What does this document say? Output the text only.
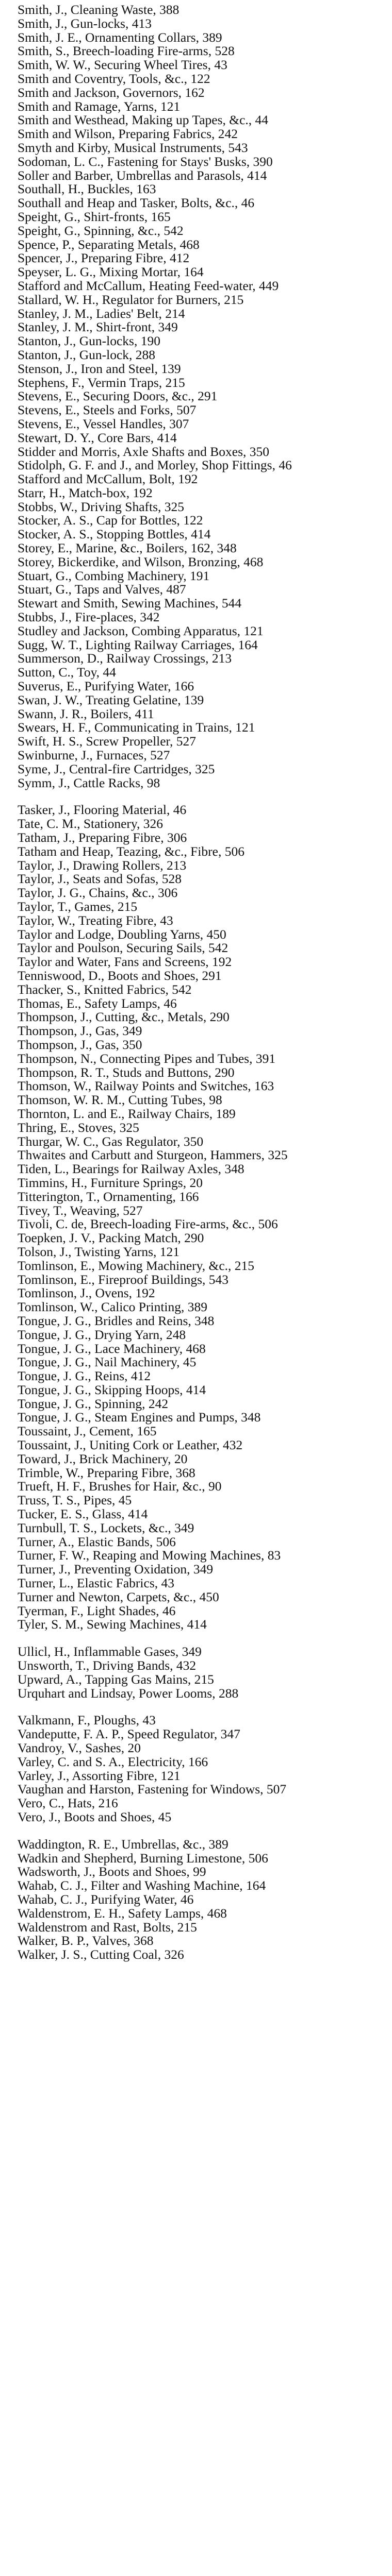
Smith, J., Cleaning Waste, 388

Smith, J., Gun-locks, 413

Smith, J. E., Ornamenting Collars, 389

Smith, S., Breech-loading Fire-arms, 528

Smith, W. W., Securing Wheel Tires, 43

Smith and Coventry, Tools, &c., 122

Smith and Jackson, Governors, 162

Smith and Ramage, Yarns, 121

Smith and Westhead, Making up Tapes, &c., 44

Smith and Wilson, Preparing Fabrics, 242

Smyth and Kirby, Musical Instruments, 543

Sodoman, L. C., Fastening for Stays' Busks, 390

Soller and Barber, Umbrellas and Parasols, 414

Southall, H., Buckles, 163

Southall and Heap and Tasker, Bolts, &c., 46

Speight, G., Shirt-fronts, 165

Speight, G., Spinning, &c., 542

Spence, P., Separating Metals, 468

Spencer, J., Preparing Fibre, 412

Speyser, L. G., Mixing Mortar, 164

Stafford and McCallum, Heating Feed-water, 449

Stallard, W. H., Regulator for Burners, 215

Stanley, J. M., Ladies' Belt, 214

Stanley, J. M., Shirt-front, 349

Stanton, J., Gun-locks, 190

Stanton, J., Gun-lock, 288

Stenson, J., Iron and Steel, 139

Stephens, F., Vermin Traps, 215

Stevens, E., Securing Doors, &c., 291

Stevens, E., Steels and Forks, 507

Stevens, E., Vessel Handles, 307

Stewart, D. Y., Core Bars, 414

Stidder and Morris, Axle Shafts and Boxes, 350

Stidolph, G. F. and J., and Morley, Shop Fittings, 46

Stafford and McCallum, Bolt, 192

Starr, H., Match-box, 192

Stobbs, W., Driving Shafts, 325

Stocker, A. S., Cap for Bottles, 122

Stocker, A. S., Stopping Bottles, 414

Storey, E., Marine, &c., Boilers, 162, 348

Storey, Bickerdike, and Wilson, Bronzing, 468

Stuart, G., Combing Machinery, 191

Stuart, G., Taps and Valves, 487

Stewart and Smith, Sewing Machines, 544

Stubbs, J., Fire-places, 342

Studley and Jackson, Combing Apparatus, 121

Sugg, W. T., Lighting Railway Carriages, 164

Summerson, D., Railway Crossings, 213

Sutton, C., Toy, 44

Suverus, E., Purifying Water, 166

Swan, J. W., Treating Gelatine, 139

Swann, J. R., Boilers, 411

Swears, H. F., Communicating in Trains, 121

Swift, H. S., Screw Propeller, 527

Swinburne, J., Furnaces, 527

Syme, J., Central-fire Cartridges, 325

Symm, J., Cattle Racks, 98

Tasker, J., Flooring Material, 46

Tate, C. M., Stationery, 326

Tatham, J., Preparing Fibre, 306

Tatham and Heap, Teazing, &c., Fibre, 506

Taylor, J., Drawing Rollers, 213

Taylor, J., Seats and Sofas, 528

Taylor, J. G., Chains, &c., 306

Taylor, T., Games, 215

Taylor, W., Treating Fibre, 43

Taylor and Lodge, Doubling Yarns, 450

Taylor and Poulson, Securing Sails, 542

Taylor and Water, Fans and Screens, 192

Tenniswood, D., Boots and Shoes, 291

Thacker, S., Knitted Fabrics, 542

Thomas, E., Safety Lamps, 46

Thompson, J., Cutting, &c., Metals, 290

Thompson, J., Gas, 349

Thompson, J., Gas, 350

Thompson, N., Connecting Pipes and Tubes, 391

Thompson, R. T., Studs and Buttons, 290

Thomson, W., Railway Points and Switches, 163

Thomson, W. R. M., Cutting Tubes, 98

Thornton, L. and E., Railway Chairs, 189

Thring, E., Stoves, 325

Thurgar, W. C., Gas Regulator, 350

Thwaites and Carbutt and Sturgeon, Hammers, 325

Tiden, L., Bearings for Railway Axles, 348

Timmins, H., Furniture Springs, 20

Titterington, T., Ornamenting, 166

Tivey, T., Weaving, 527

Tivoli, C. de, Breech-loading Fire-arms, &c., 506

Toepken, J. V., Packing Match, 290

Tolson, J., Twisting Yarns, 121

Tomlinson, E., Mowing Machinery, &c., 215

Tomlinson, E., Fireproof Buildings, 543

Tomlinson, J., Ovens, 192

Tomlinson, W., Calico Printing, 389

Tongue, J. G., Bridles and Reins, 348

Tongue, J. G., Drying Yarn, 248

Tongue, J. G., Lace Machinery, 468

Tongue, J. G., Nail Machinery, 45

Tongue, J. G., Reins, 412

Tongue, J. G., Skipping Hoops, 414

Tongue, J. G., Spinning, 242

Tongue, J. G., Steam Engines and Pumps, 348

Toussaint, J., Cement, 165

Toussaint, J., Uniting Cork or Leather, 432

Toward, J., Brick Machinery, 20

Trimble, W., Preparing Fibre, 368

Trueft, H. F., Brushes for Hair, &c., 90

Truss, T. S., Pipes, 45

Tucker, E. S., Glass, 414

Turnbull, T. S., Lockets, &c., 349

Turner, A., Elastic Bands, 506

Turner, F. W., Reaping and Mowing Machines, 83

Turner, J., Preventing Oxidation, 349

Turner, L., Elastic Fabrics, 43

Turner and Newton, Carpets, &c., 450

Tyerman, F., Light Shades, 46

Tyler, S. M., Sewing Machines, 414

Ullicl, H., Inflammable Gases, 349

Unsworth, T., Driving Bands, 432

Upward, A., Tapping Gas Mains, 215

Urquhart and Lindsay, Power Looms, 288

Valkmann, F., Ploughs, 43

Vandeputte, F. A. P., Speed Regulator, 347

Vandroy, V., Sashes, 20

Varley, C. and S. A., Electricity, 166

Varley, J., Assorting Fibre, 121

Vaughan and Harston, Fastening for Windows, 507

Vero, C., Hats, 216

Vero, J., Boots and Shoes, 45

Waddington, R. E., Umbrellas, &c., 389

Wadkin and Shepherd, Burning Limestone, 506

Wadsworth, J., Boots and Shoes, 99

Wahab, C. J., Filter and Washing Machine, 164

Wahab, C. J., Purifying Water, 46

Waldenstrom, E. H., Safety Lamps, 468

Waldenstrom and Rast, Bolts, 215

Walker, B. P., Valves, 368

Walker, J. S., Cutting Coal, 326
